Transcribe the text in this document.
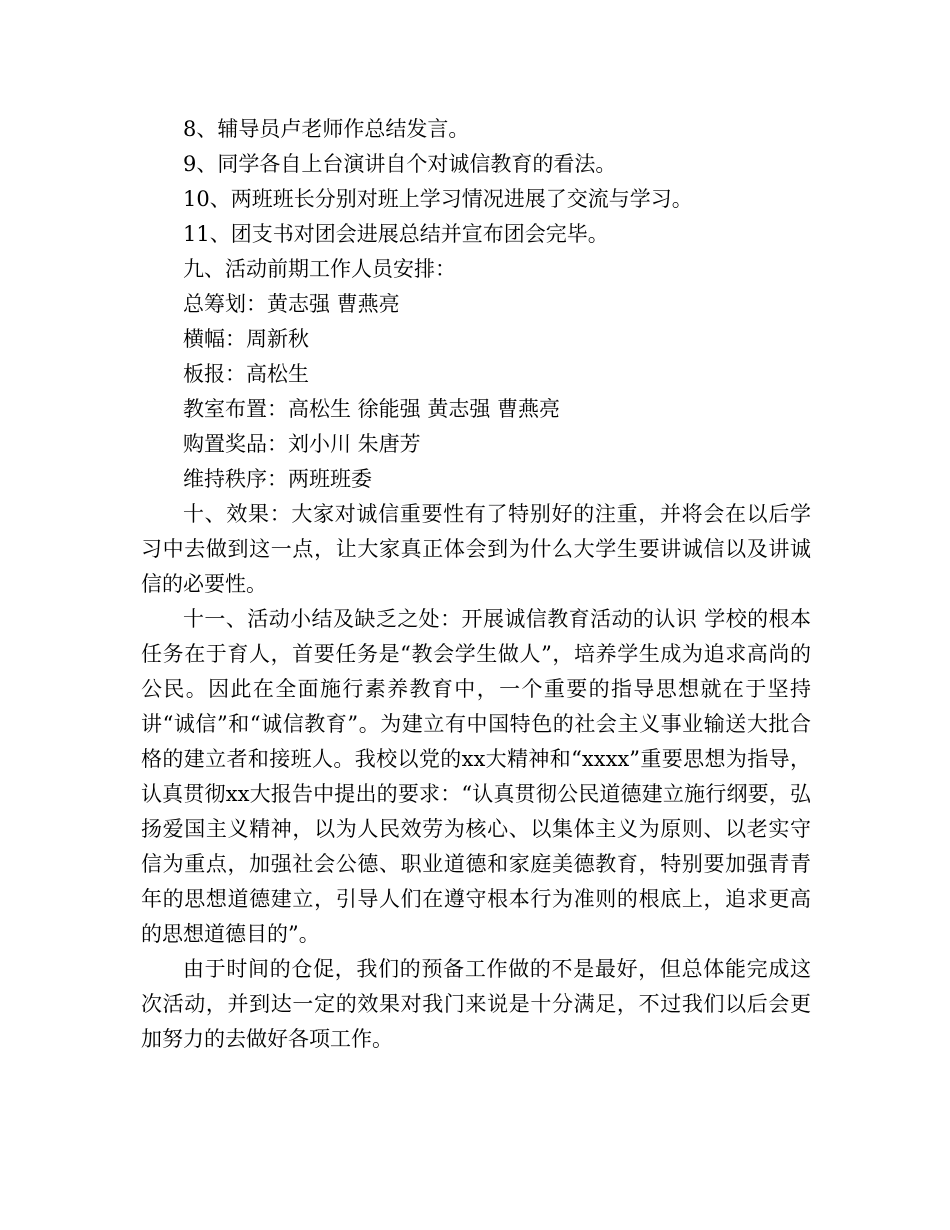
8、辅导员卢老师作总结发言。

9、同学各自上台演讲自个对诚信教育的看法。

10、两班班长分别对班上学习情况进展了交流与学习。

11、团支书对团会进展总结并宣布团会完毕。

九、活动前期工作人员安排：

总筹划：黄志强 曹燕亮

横幅：周新秋

板报：高松生

教室布置：高松生 徐能强 黄志强 曹燕亮

购置奖品：刘小川 朱唐芳

维持秩序：两班班委

十、效果：大家对诚信重要性有了特别好的注重，并将会在以后学习中去做到这一点，让大家真正体会到为什么大学生要讲诚信以及讲诚信的必要性。

十一、活动小结及缺乏之处：开展诚信教育活动的认识 学校的根本任务在于育人，首要任务是“教会学生做人”，培养学生成为追求高尚的公民。因此在全面施行素养教育中，一个重要的指导思想就在于坚持讲“诚信”和“诚信教育”。为建立有中国特色的社会主义事业输送大批合格的建立者和接班人。我校以党的xx大精神和“xxxx”重要思想为指导，认真贯彻xx大报告中提出的要求：“认真贯彻公民道德建立施行纲要，弘扬爱国主义精神，以为人民效劳为核心、以集体主义为原则、以老实守信为重点，加强社会公德、职业道德和家庭美德教育，特别要加强青青年的思想道德建立，引导人们在遵守根本行为准则的根底上，追求更高的思想道德目的”。

由于时间的仓促，我们的预备工作做的不是最好，但总体能完成这次活动，并到达一定的效果对我门来说是十分满足，不过我们以后会更加努力的去做好各项工作。
